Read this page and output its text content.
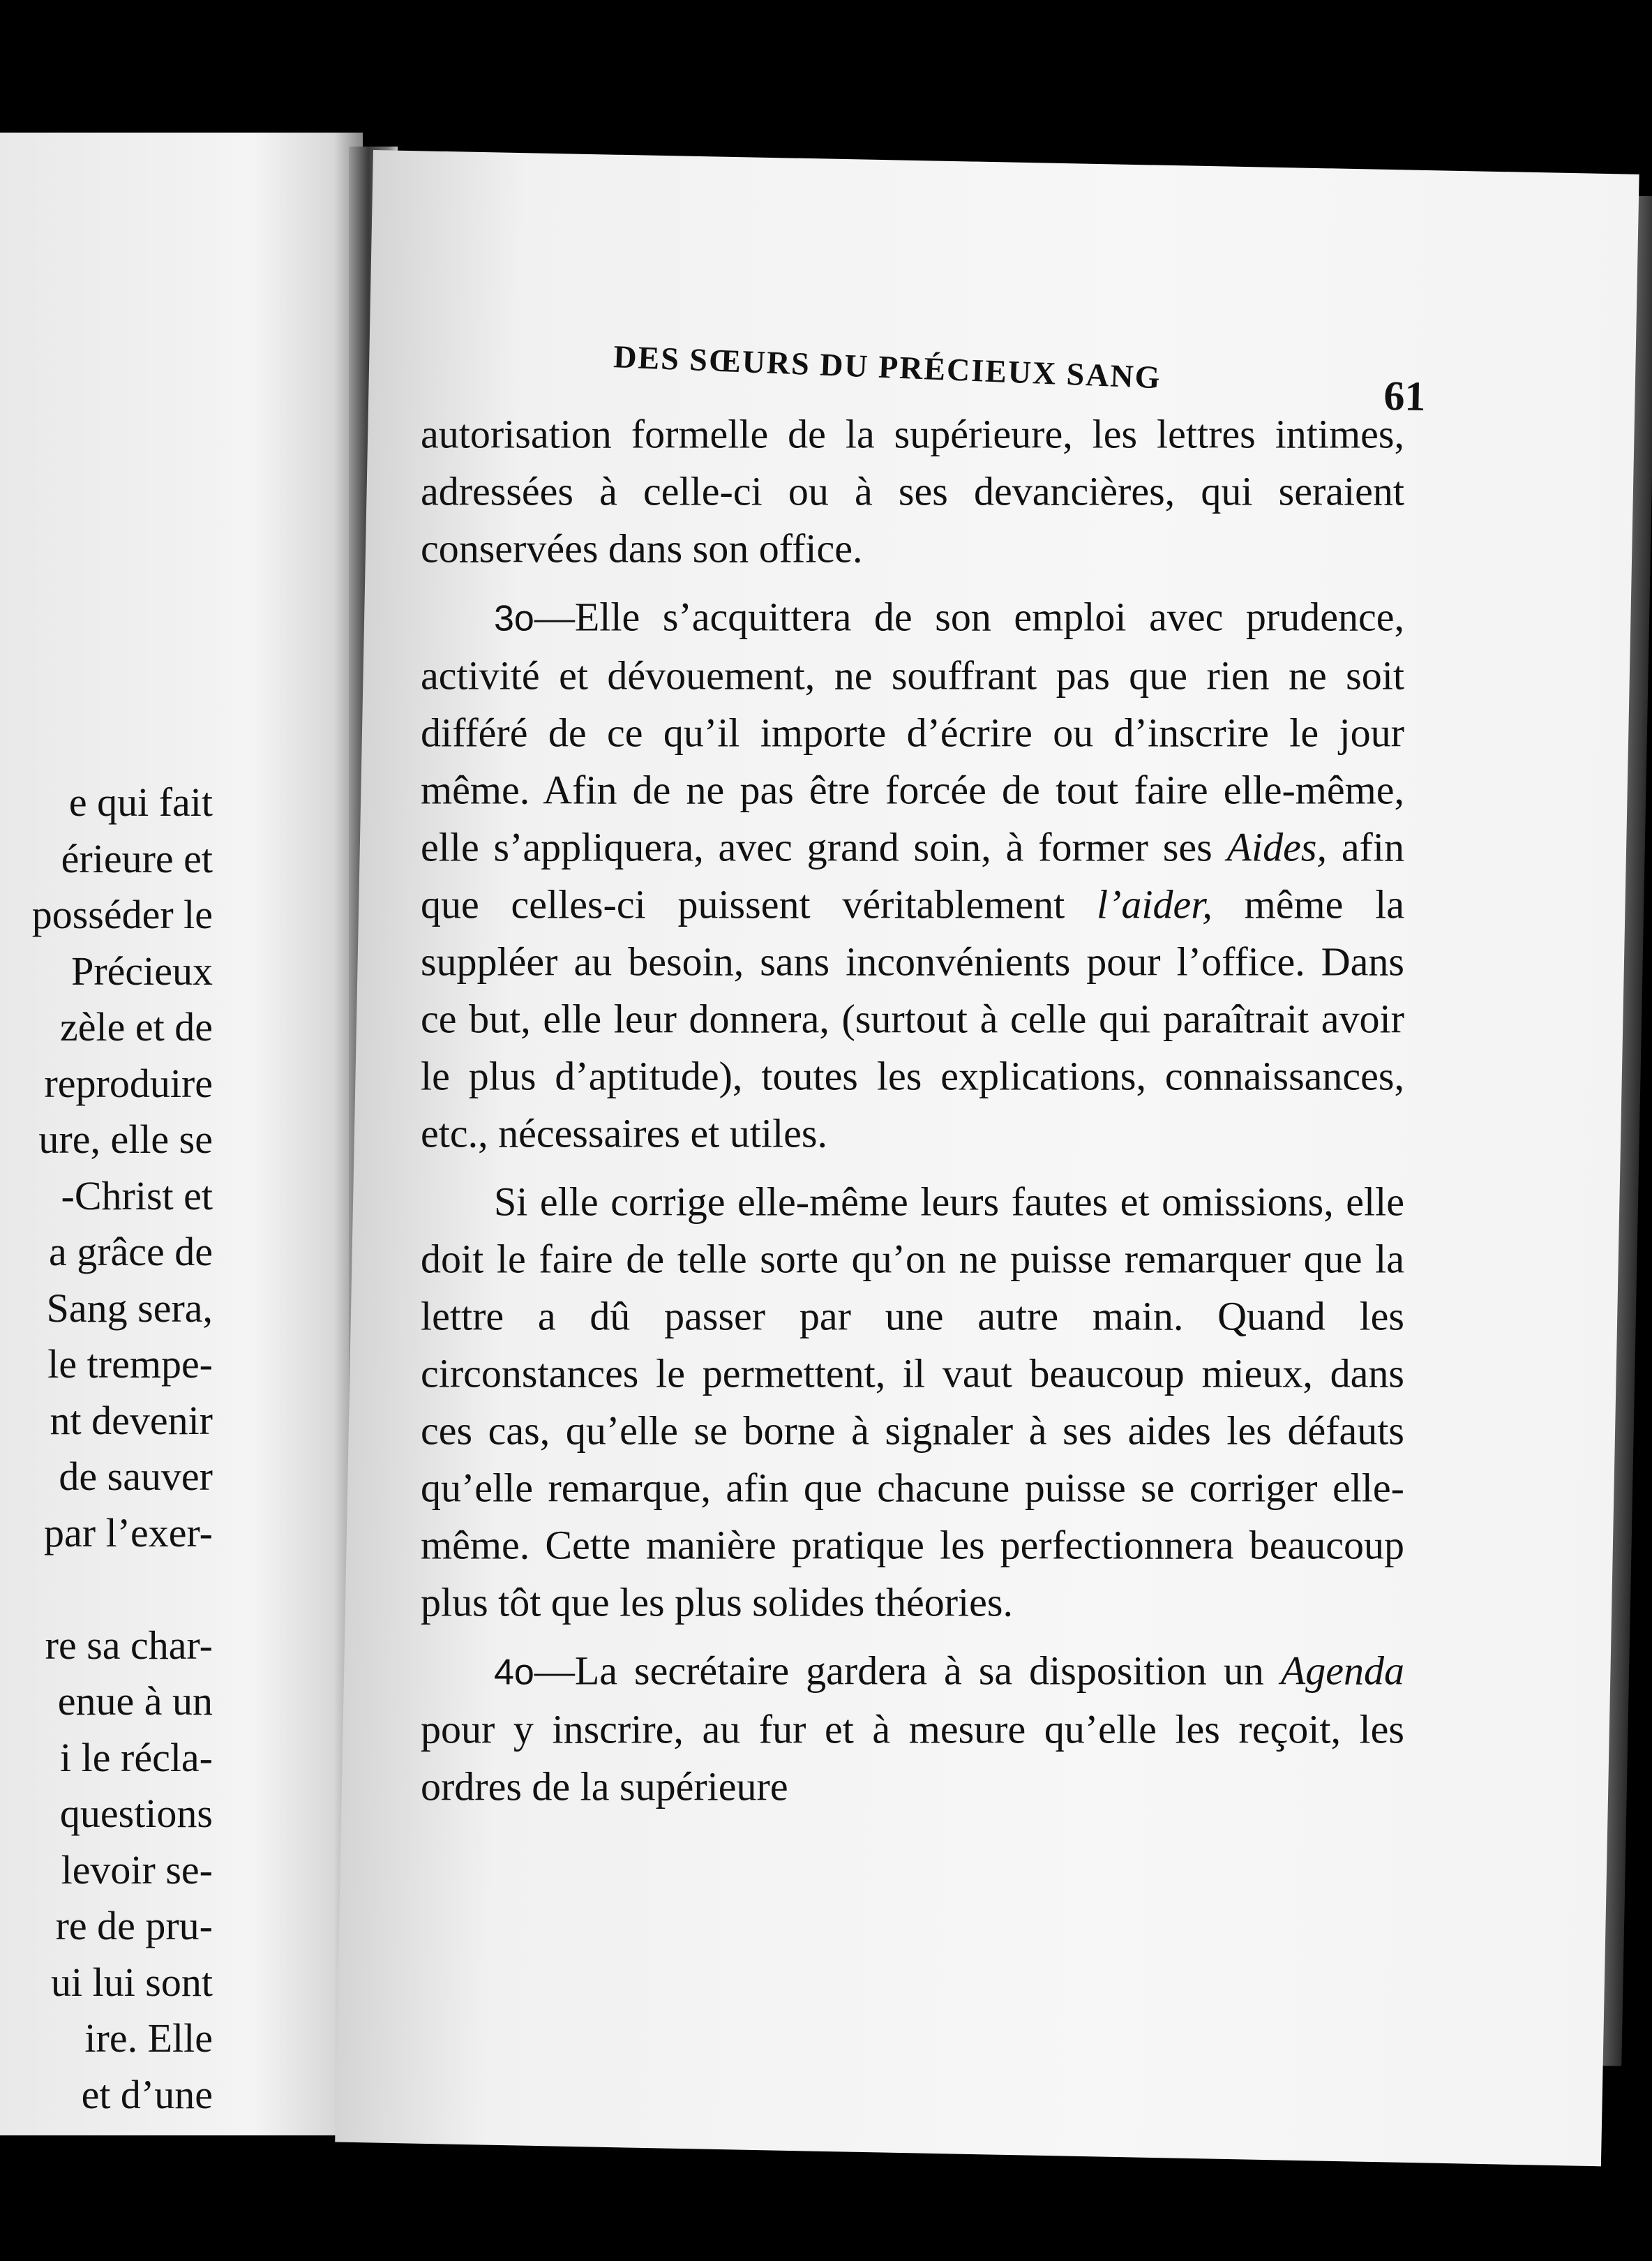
e qui fait
érieure et
posséder le
Précieux
zèle et de
reproduire
ure, elle se
-Christ et
a grâce de
Sang sera,
le trempe-
nt devenir
de sauver
par l’exer-
re sa char-
enue à un
i le récla-
questions
levoir se-
re de pru-
ui lui sont
ire. Elle
et d’une
DES SŒURS DU PRÉCIEUX SANG
61

autorisation formelle de la supérieure, les lettres intimes, adressées à celle-ci ou à ses devancières, qui seraient conservées dans son office.

3o—Elle s’acquittera de son emploi avec prudence, activité et dévouement, ne souffrant pas que rien ne soit différé de ce qu’il importe d’écrire ou d’inscrire le jour même. Afin de ne pas être forcée de tout faire elle-même, elle s’appliquera, avec grand soin, à former ses Aides, afin que celles-ci puissent véritablement l’aider, même la suppléer au besoin, sans inconvénients pour l’office. Dans ce but, elle leur donnera, (surtout à celle qui paraîtrait avoir le plus d’aptitude), toutes les explications, connaissances, etc., nécessaires et utiles.

Si elle corrige elle-même leurs fautes et omissions, elle doit le faire de telle sorte qu’on ne puisse remarquer que la lettre a dû passer par une autre main. Quand les circonstances le permettent, il vaut beaucoup mieux, dans ces cas, qu’elle se borne à signaler à ses aides les défauts qu’elle remarque, afin que chacune puisse se corriger elle-même. Cette manière pratique les perfectionnera beaucoup plus tôt que les plus solides théories.

4o—La secrétaire gardera à sa disposition un Agenda pour y inscrire, au fur et à mesure qu’elle les reçoit, les ordres de la supérieure
